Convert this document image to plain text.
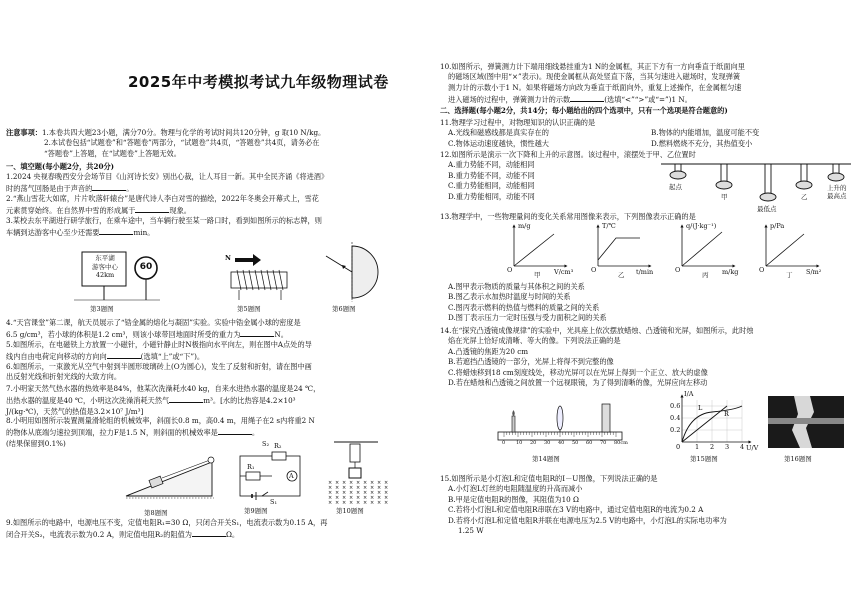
2025年中考模拟考试九年级物理试卷
注意事项：1.本卷共四大题23小题，满分70分。物理与化学的考试时间共120分钟，g 取10 N/kg。
2.本试卷包括“试题卷”和“答题卷”两部分，“试题卷”共4页，“答题卷”共4页，请务必在
“答题卷”上答题，在“试题卷”上答题无效。
一、填空题(每小题2分，共20分)

1.2024 央视春晚西安分会场节目《山河诗长安》别出心裁，让人耳目一新。其中全民齐诵《将进酒》

时的荡气回肠是由于声音的	。

2.“燕山雪花大如席，片片吹落轩辕台”是唐代诗人李白对雪的描绘，2022年冬奥会开幕式上，雪花

元素贯穿始终。在自然界中雪的形成属于	现象。

3.某校去东平湖进行研学旅行，在乘车途中，当车辆行驶至某一路口时，看到如图所示的标志牌，则

车辆到达游客中心至少还需要	min。

东平湖
游客中心
42km
60
第3题图
N
第5题图	第6题图

4.“天宫课堂”第二课，航天员展示了“锆金属的熔化与凝固”实验。实验中锆金属小球的密度是

6.5 g/cm³，若小球的体积是1.2 cm³，则该小球带回地面时所受的重力为	N。

5.如图所示，在电磁铁上方放置一小磁针，小磁针静止时N极指向水平向左，则在图中A点处的导

线内自由电荷定向移动的方向向	(选填“上”或“下”)。

6.如图所示，一束激光从空气中射到半圆形玻璃砖上(O为圆心)，发生了反射和折射，请在图中画

出反射光线和折射光线的大致方向。

7.小明家天然气热水器的热效率是84%，他某次洗澡耗水40 kg，自来水进热水器的温度是24 ℃，

出热水器的温度是40 ℃，小明这次洗澡消耗天然气	m³。[水的比热容是4.2×10³

J/(kg·℃)，天然气的热值是3.2×10⁷ J/m³]

8.小明用如图所示装置测量滑轮组的机械效率，斜面长0.8 m，高0.4 m，用绳子在2 s内将重2 N

的物体从底端匀速拉到顶端，拉力F是1.5 N，则斜面的机械效率是	。

(结果保留到0.1%)

第8题图
S₂
S₁
R₁
R₂
A
第9题图
× × × × × × × × ×
× × × × × × × × ×
× × × × × × × × ×
× × × × × × × × ×
× × × × × × × × ×
第10题图

9.如图所示的电路中，电源电压不变，定值电阻R₁=30 Ω，只闭合开关S₁，电流表示数为0.15 A，再

闭合开关S₂，电流表示数为0.2 A，则定值电阻R₂的阻值为	Ω。

10.如图所示，弹簧测力计下端用细线悬挂重为1 N的金属框，其正下方有一方向垂直于纸面向里

的磁场区域(图中用“×”表示)。现使金属框从高处竖直下落，当其匀速进入磁场时，发现弹簧

测力计的示数小于1 N。如果将磁场方向改为垂直于纸面向外，重复上述操作，在金属框匀速

进入磁场的过程中，弹簧测力计的示数	(选填“<”“>”或“=”)1 N。

二、选择题(每小题2分，共14分；每小题给出的四个选项中，只有一个选项是符合题意的)

11.物理学习过程中，对物理知识的认识正确的是

A.光线和磁感线都是真实存在的	B.物体的内能增加，温度可能不变
C.物体运动速度越快，惯性越大	D.燃料燃烧不充分，其热值变小

12.如图所示是演示一次下降和上升的示意图。该过程中，滚摆处于甲、乙位置时

A.重力势能不同，动能相同

B.重力势能不同，动能不同

C.重力势能相同，动能相同

D.重力势能相同，动能不同

起点
甲
最低点
乙
上升的
最高点

13.物理学中，一些物理量间的变化关系常用图像来表示，下列图像表示正确的是

m/g
V/cm³
甲
O
T/℃
t/min
乙
O
q/(J·kg⁻¹)
m/kg
丙
O
p/Pa
S/m²
丁
O

A.图甲表示物质的质量与其体积之间的关系

B.图乙表示水加热时温度与时间的关系

C.图丙表示燃料的热值与燃料的质量之间的关系

D.图丁表示压力一定时压强与受力面积之间的关系

14.在“探究凸透镜成像规律”的实验中，光具座上依次摆放蜡烛、凸透镜和光屏，如图所示，此时烛

焰在光屏上恰好成清晰、等大的像。下列说法正确的是

A.凸透镜的焦距为20 cm

B.若遮挡凸透镜的一部分，光屏上将得不到完整的像

C.将蜡烛移到18 cm刻度线处，移动光屏可以在光屏上得到一个正立、放大的虚像

D.若在蜡烛和凸透镜之间放置一个远视眼镜，为了得到清晰的像，光屏应向左移动

0 10 20 30 40 50 60 70 80cm
第14题图
I/A
U/V
L
R
0.6
0.4
0.2
0 1 2 3 4
第15题图	第16题图

15.如图所示是小灯泡L和定值电阻R的I－U图像，下列说法正确的是

A.小灯泡L灯丝的电阻随温度的升高而减小

B.甲是定值电阻R的图像，其阻值为10 Ω

C.若将小灯泡L和定值电阻R串联在3 V的电路中，通过定值电阻R的电流为0.2 A

D.若将小灯泡L和定值电阻R并联在电源电压为2.5 V的电路中，小灯泡L的实际电功率为

1.25 W
